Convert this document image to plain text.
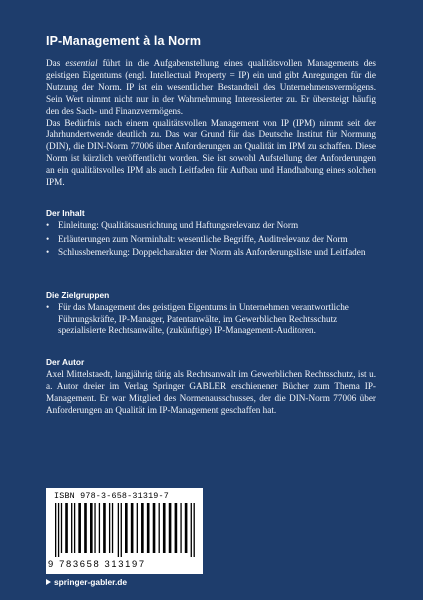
IP-Management à la Norm

Das essential führt in die Aufgabenstellung eines qualitätsvollen Managements des geistigen Eigentums (engl. Intellectual Property = IP) ein und gibt Anregungen für die Nutzung der Norm. IP ist ein wesentlicher Bestandteil des Unternehmensvermögens. Sein Wert nimmt nicht nur in der Wahrnehmung Interessierter zu. Er übersteigt häufig den des Sach- und Finanzvermögens.

Das Bedürfnis nach einem qualitätsvollen Management von IP (IPM) nimmt seit der Jahrhundertwende deutlich zu. Das war Grund für das Deutsche Institut für Normung (DIN), die DIN-Norm 77006 über Anforderungen an Qualität im IPM zu schaffen. Diese Norm ist kürzlich veröffentlicht worden. Sie ist sowohl Aufstellung der Anforderungen an ein qualitätsvolles IPM als auch Leitfaden für Aufbau und Handhabung eines solchen IPM.

Der Inhalt
• Einleitung: Qualitätsausrichtung und Haftungsrelevanz der Norm
• Erläuterungen zum Norminhalt: wesentliche Begriffe, Auditrelevanz der Norm
• Schlussbemerkung: Doppelcharakter der Norm als Anforderungsliste und Leitfaden
Die Zielgruppen
• Für das Management des geistigen Eigentums in Unternehmen verantwortliche Führungskräfte, IP-Manager, Patentanwälte, im Gewerblichen Rechtsschutz spezialisierte Rechtsanwälte, (zukünftige) IP-Management-Auditoren.
Der Autor
Axel Mittelstaedt, langjährig tätig als Rechtsanwalt im Gewerblichen Rechtsschutz, ist u. a. Autor dreier im Verlag Springer GABLER erschienener Bücher zum Thema IP-Management. Er war Mitglied des Normenausschusses, der die DIN-Norm 77006 über Anforderungen an Qualität im IP-Management geschaffen hat.
ISBN 978-3-658-31319-7
9 783658 313197
springer-gabler.de
